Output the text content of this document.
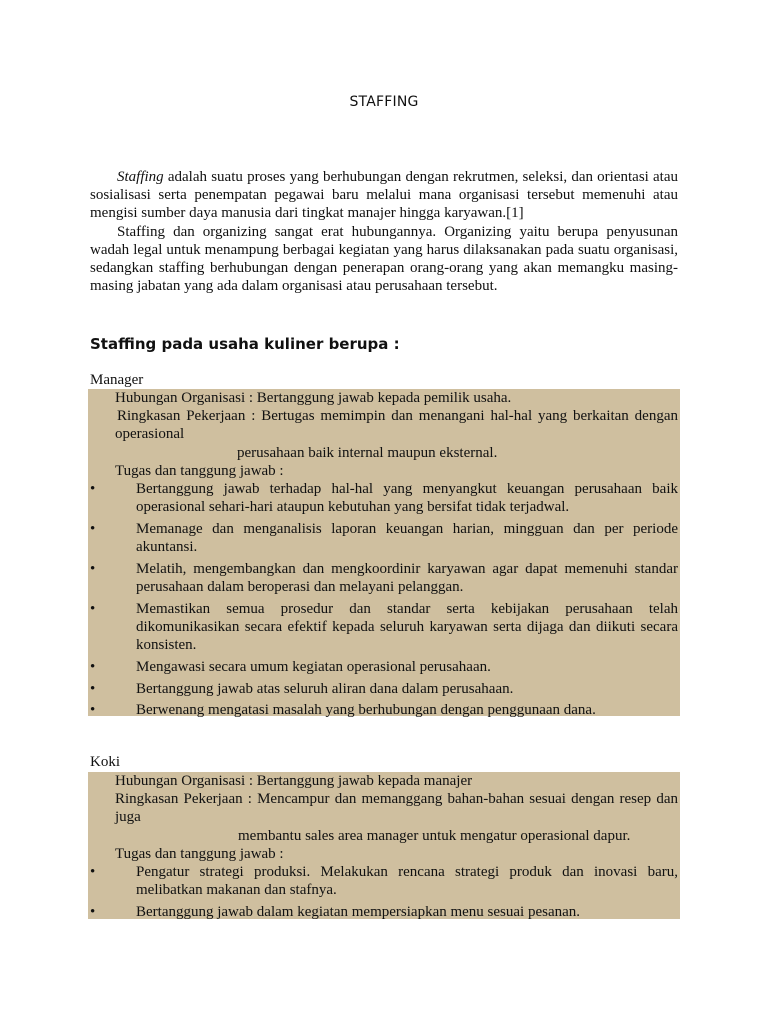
STAFFING

Staffing adalah suatu proses yang berhubungan dengan rekrutmen, seleksi, dan orientasi atau sosialisasi serta penempatan pegawai baru melalui mana organisasi tersebut memenuhi atau mengisi sumber daya manusia dari tingkat manajer hingga karyawan.[1]

Staffing dan organizing sangat erat hubungannya. Organizing yaitu berupa penyusunan wadah legal untuk menampung berbagai kegiatan yang harus dilaksanakan pada suatu organisasi, sedangkan staffing berhubungan dengan penerapan orang-orang yang akan memangku masing-masing jabatan yang ada dalam organisasi atau perusahaan tersebut.

Staffing pada usaha kuliner berupa :
Manager
Hubungan Organisasi : Bertanggung jawab kepada pemilik usaha.
Ringkasan Pekerjaan : Bertugas memimpin dan menangani hal-hal yang berkaitan dengan operasional
perusahaan baik internal maupun eksternal.
Tugas dan tanggung jawab :
•	Bertanggung jawab terhadap hal-hal yang menyangkut keuangan perusahaan baik operasional sehari-hari ataupun kebutuhan yang bersifat tidak terjadwal.
•	Memanage dan menganalisis laporan keuangan harian, mingguan dan per periode akuntansi.
•	Melatih, mengembangkan dan mengkoordinir karyawan agar dapat memenuhi standar perusahaan dalam beroperasi dan melayani pelanggan.
•	Memastikan semua prosedur dan standar serta kebijakan perusahaan telah dikomunikasikan secara efektif kepada seluruh karyawan serta dijaga dan diikuti secara konsisten.
•	Mengawasi secara umum kegiatan operasional perusahaan.
•	Bertanggung jawab atas seluruh aliran dana dalam perusahaan.
•	Berwenang mengatasi masalah yang berhubungan dengan penggunaan dana.
Koki
Hubungan Organisasi : Bertanggung jawab kepada manajer
Ringkasan Pekerjaan : Mencampur dan memanggang bahan-bahan sesuai dengan resep dan juga
membantu sales area manager untuk mengatur operasional dapur.
Tugas dan tanggung jawab :
•	Pengatur strategi produksi. Melakukan rencana strategi produk dan inovasi baru, melibatkan makanan dan stafnya.
•	Bertanggung jawab dalam kegiatan mempersiapkan menu sesuai pesanan.
